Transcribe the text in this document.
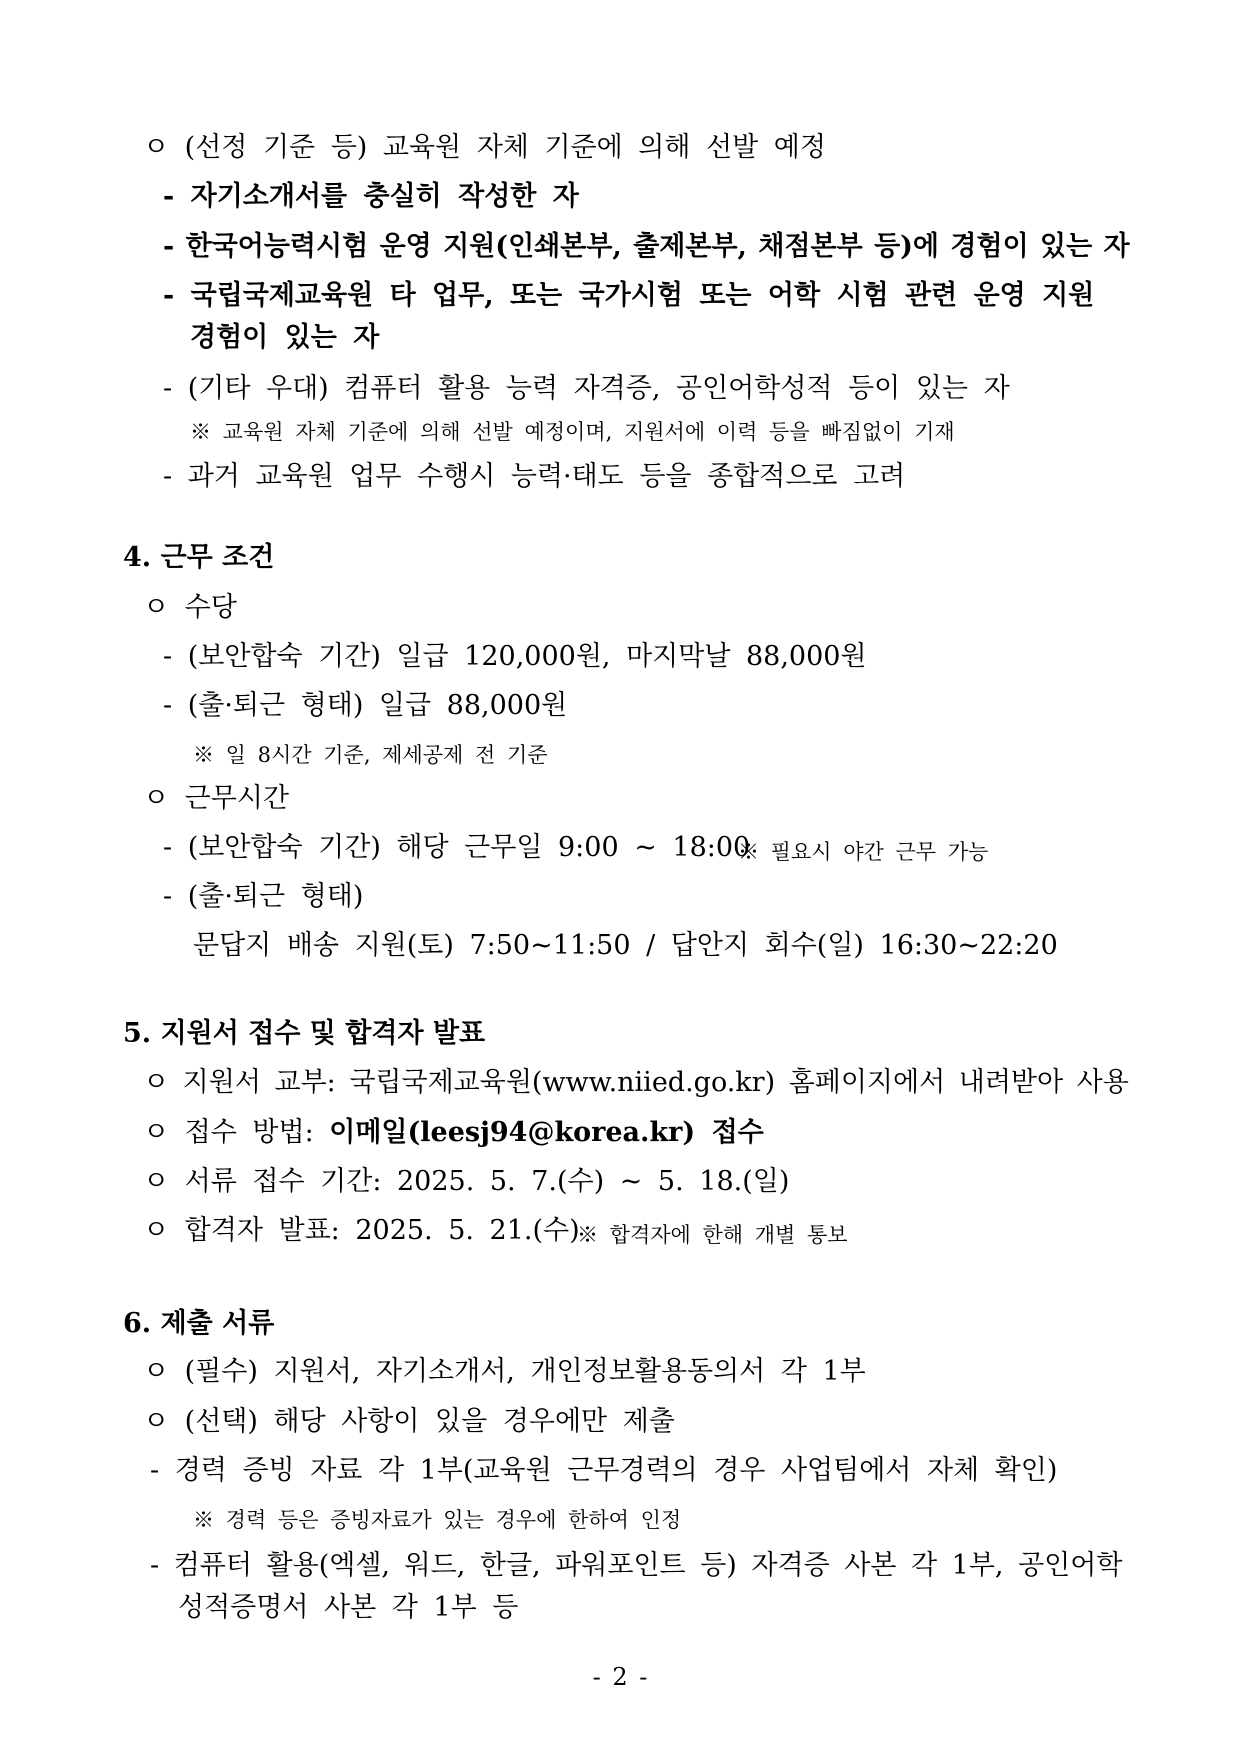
ㅇ (선정 기준 등) 교육원 자체 기준에 의해 선발 예정
- 자기소개서를 충실히 작성한 자
- 한국어능력시험 운영 지원(인쇄본부, 출제본부, 채점본부 등)에 경험이 있는 자
- 국립국제교육원 타 업무, 또는 국가시험 또는 어학 시험 관련 운영 지원
경험이 있는 자
- (기타 우대) 컴퓨터 활용 능력 자격증, 공인어학성적 등이 있는 자
※ 교육원 자체 기준에 의해 선발 예정이며, 지원서에 이력 등을 빠짐없이 기재
- 과거 교육원 업무 수행시 능력·태도 등을 종합적으로 고려
4. 근무 조건
ㅇ 수당
- (보안합숙 기간) 일급 120,000원, 마지막날 88,000원
- (출·퇴근 형태) 일급 88,000원
※ 일 8시간 기준, 제세공제 전 기준
ㅇ 근무시간
- (보안합숙 기간) 해당 근무일 9:00 ~ 18:00
※ 필요시 야간 근무 가능
- (출·퇴근 형태)
문답지 배송 지원(토) 7:50~11:50 / 답안지 회수(일) 16:30~22:20
5. 지원서 접수 및 합격자 발표
ㅇ 지원서 교부: 국립국제교육원(www.niied.go.kr) 홈페이지에서 내려받아 사용
ㅇ 접수 방법: 이메일(leesj94@korea.kr) 접수
ㅇ 서류 접수 기간: 2025. 5. 7.(수) ~ 5. 18.(일)
ㅇ 합격자 발표: 2025. 5. 21.(수)
※ 합격자에 한해 개별 통보
6. 제출 서류
ㅇ (필수) 지원서, 자기소개서, 개인정보활용동의서 각 1부
ㅇ (선택) 해당 사항이 있을 경우에만 제출
- 경력 증빙 자료 각 1부(교육원 근무경력의 경우 사업팀에서 자체 확인)
※ 경력 등은 증빙자료가 있는 경우에 한하여 인정
- 컴퓨터 활용(엑셀, 워드, 한글, 파워포인트 등) 자격증 사본 각 1부, 공인어학
성적증명서 사본 각 1부 등
- 2 -
